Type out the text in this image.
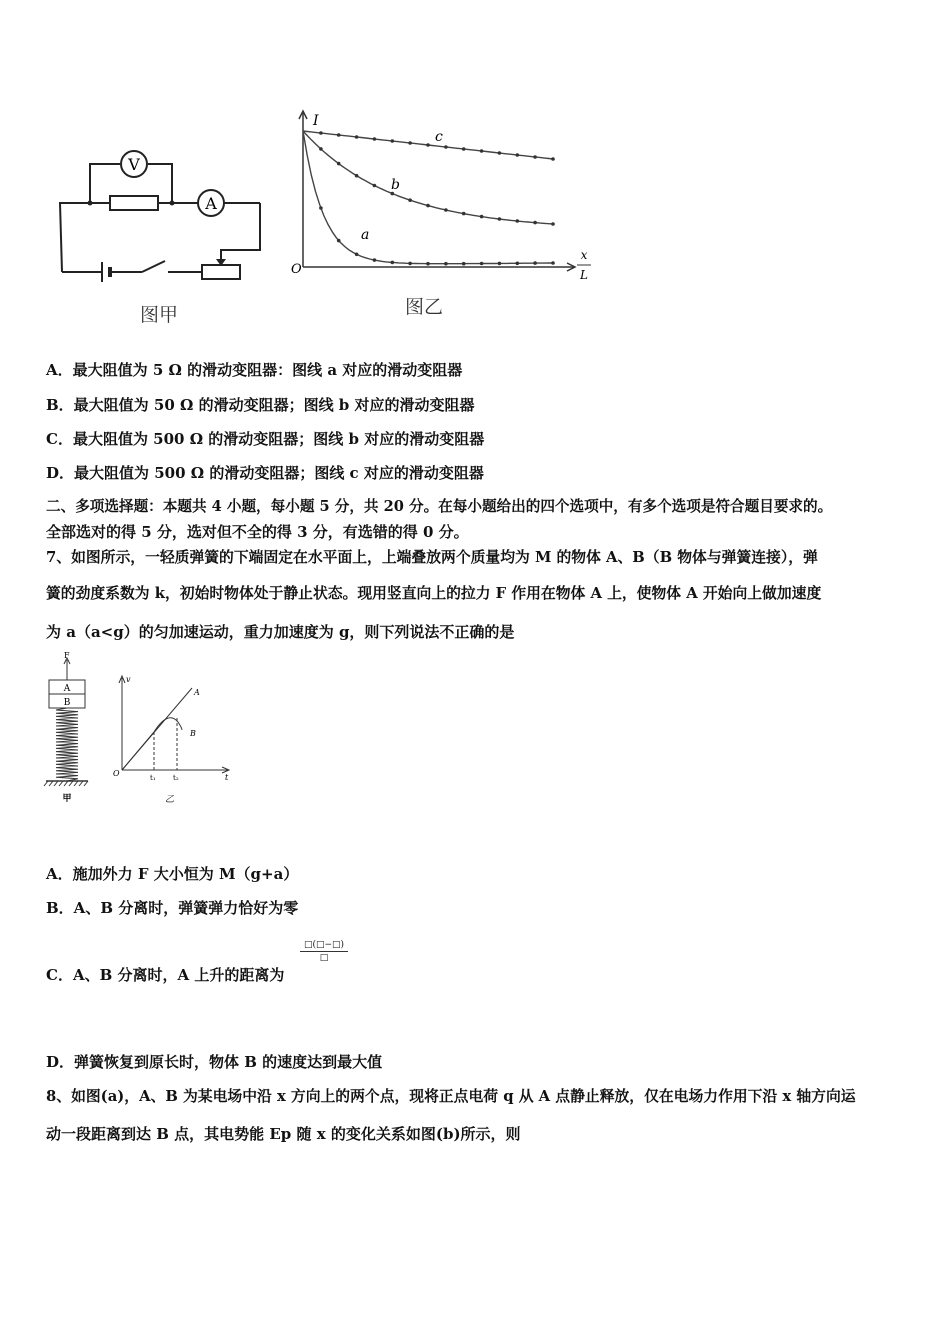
V
A
图甲
I
O
x
L
c
b
a
图乙
A．最大阻值为 5 Ω 的滑动变阻器：图线 a 对应的滑动变阻器
B．最大阻值为 50 Ω 的滑动变阻器；图线 b 对应的滑动变阻器
C．最大阻值为 500 Ω 的滑动变阻器；图线 b 对应的滑动变阻器
D．最大阻值为 500 Ω 的滑动变阻器；图线 c 对应的滑动变阻器
二、多项选择题：本题共 4 小题，每小题 5 分，共 20 分。在每小题给出的四个选项中，有多个选项是符合题目要求的。
全部选对的得 5 分，选对但不全的得 3 分，有选错的得 0 分。
7、如图所示，一轻质弹簧的下端固定在水平面上，上端叠放两个质量均为 M 的物体 A、B（B 物体与弹簧连接），弹
簧的劲度系数为 k，初始时物体处于静止状态。现用竖直向上的拉力 F 作用在物体 A 上，使物体 A 开始向上做加速度
为 a（a<g）的匀加速运动，重力加速度为 g，则下列说法不正确的是
F
A
B
甲
v
O	t
A
B
t₁ t₂
乙
A．施加外力 F 大小恒为 M（g+a）
B．A、B 分离时，弹簧弹力恰好为零
□(□−□)
□
C．A、B 分离时，A 上升的距离为
D．弹簧恢复到原长时，物体 B 的速度达到最大值
8、如图(a)，A、B 为某电场中沿 x 方向上的两个点，现将正点电荷 q 从 A 点静止释放，仅在电场力作用下沿 x 轴方向运
动一段距离到达 B 点，其电势能 Ep 随 x 的变化关系如图(b)所示，则
